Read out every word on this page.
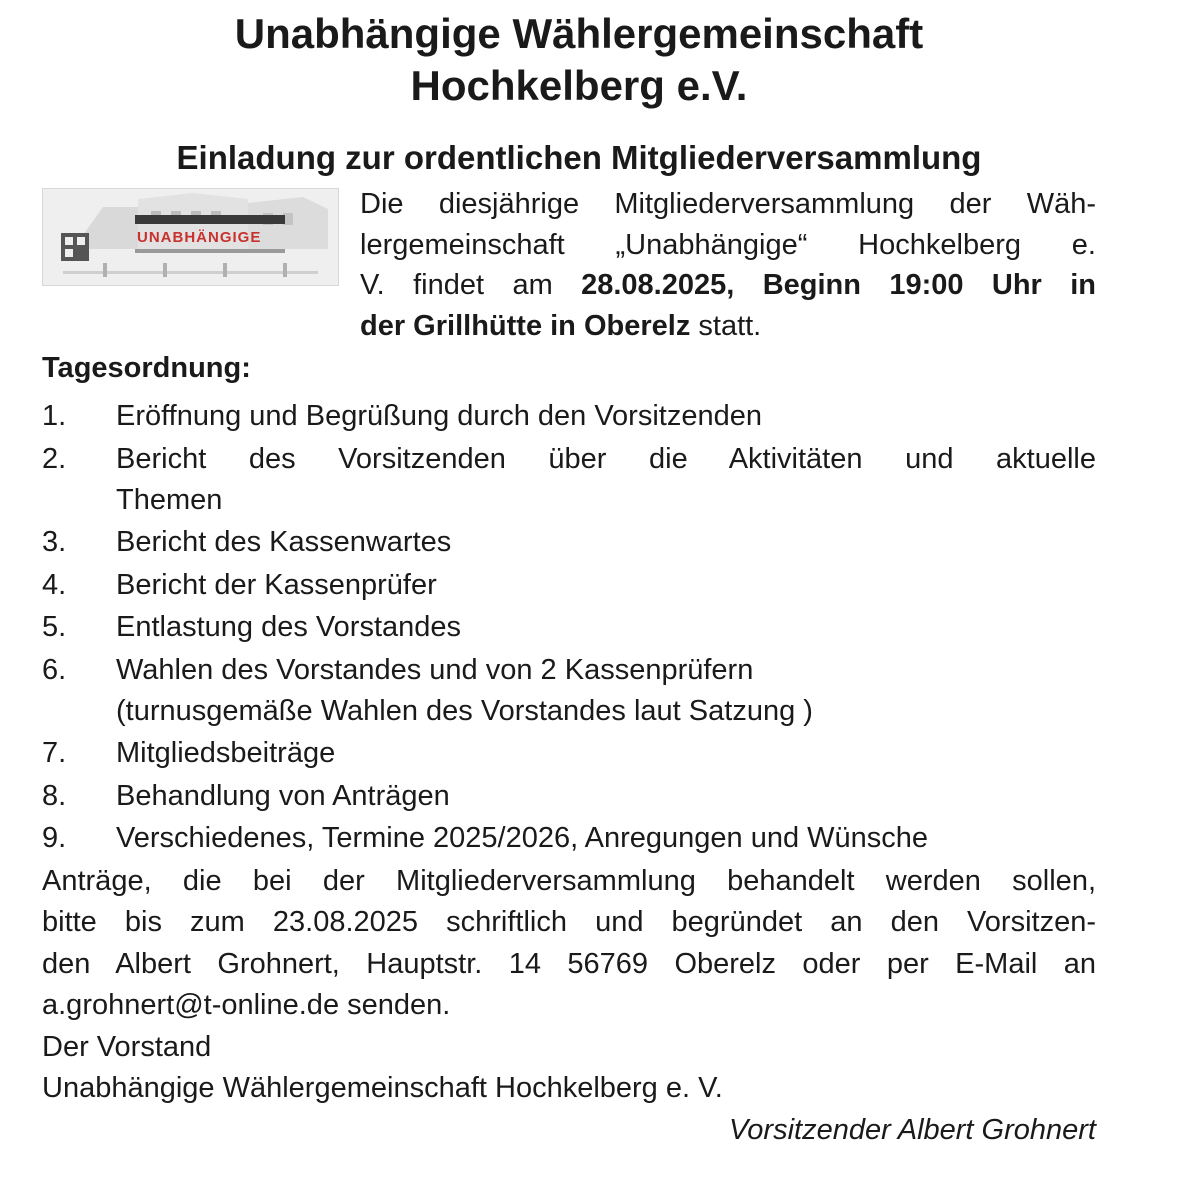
Unabhängige Wählergemeinschaft
Hochkelberg e.V.
Einladung zur ordentlichen Mitgliederversammlung
UNABHÄNGIGE
Die diesjährige Mitgliederversammlung der Wäh-
lergemeinschaft „Unabhängige“ Hochkelberg e.
V. findet am 28.08.2025, Beginn 19:00 Uhr in
der Grillhütte in Oberelz statt.
Tagesordnung:
1. Eröffnung und Begrüßung durch den Vorsitzenden
2. Bericht des Vorsitzenden über die Aktivitäten und aktuelle
Themen
3. Bericht des Kassenwartes
4. Bericht der Kassenprüfer
5. Entlastung des Vorstandes
6. Wahlen des Vorstandes und von 2 Kassenprüfern
(turnusgemäße Wahlen des Vorstandes laut Satzung )
7. Mitgliedsbeiträge
8. Behandlung von Anträgen
9. Verschiedenes, Termine 2025/2026, Anregungen und Wünsche
Anträge, die bei der Mitgliederversammlung behandelt werden sollen,
bitte bis zum 23.08.2025 schriftlich und begründet an den Vorsitzen-
den Albert Grohnert, Hauptstr. 14 56769 Oberelz oder per E-Mail an
a.grohnert@t-online.de senden.
Der Vorstand
Unabhängige Wählergemeinschaft Hochkelberg e. V.
Vorsitzender Albert Grohnert
